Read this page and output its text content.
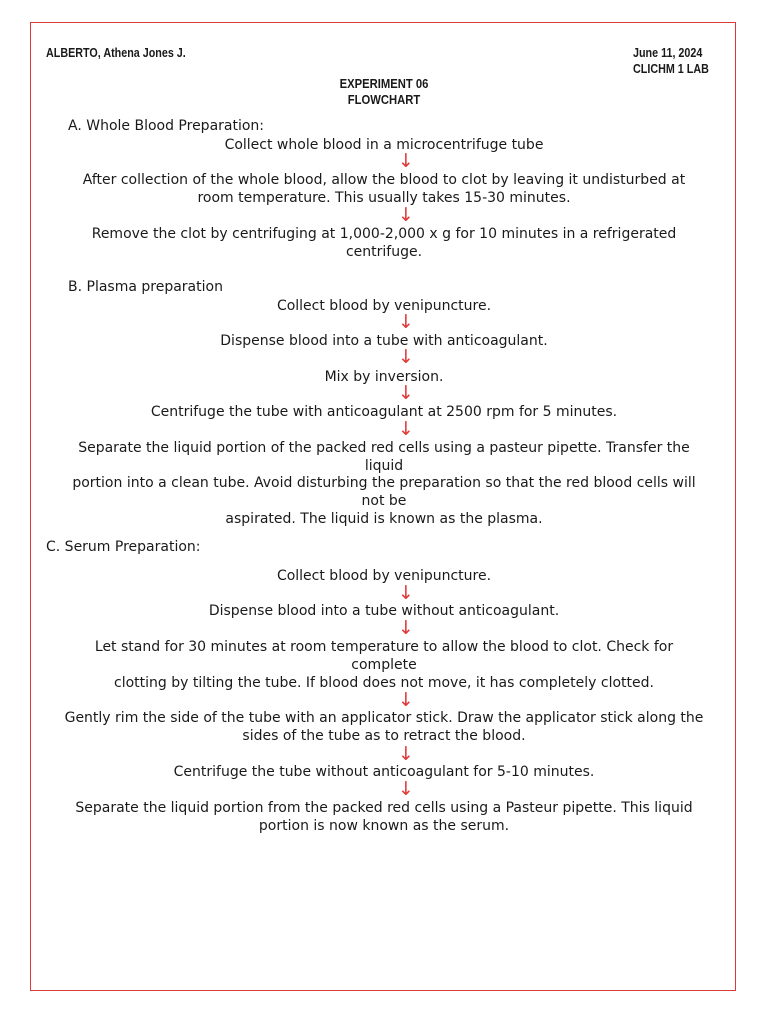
ALBERTO, Athena Jones J.	June 11, 2024
CLICHM 1 LAB
EXPERIMENT 06
FLOWCHART
A. Whole Blood Preparation:
Collect whole blood in a microcentrifuge tube
↓
After collection of the whole blood, allow the blood to clot by leaving it undisturbed at
room temperature. This usually takes 15-30 minutes.
↓
Remove the clot by centrifuging at 1,000-2,000 x g for 10 minutes in a refrigerated
centrifuge.
B. Plasma preparation
Collect blood by venipuncture.
↓
Dispense blood into a tube with anticoagulant.
↓
Mix by inversion.
↓
Centrifuge the tube with anticoagulant at 2500 rpm for 5 minutes.
↓
Separate the liquid portion of the packed red cells using a pasteur pipette. Transfer the
liquid
portion into a clean tube. Avoid disturbing the preparation so that the red blood cells will
not be
aspirated. The liquid is known as the plasma.
C. Serum Preparation:
Collect blood by venipuncture.
↓
Dispense blood into a tube without anticoagulant.
↓
Let stand for 30 minutes at room temperature to allow the blood to clot. Check for
complete
clotting by tilting the tube. If blood does not move, it has completely clotted.
↓
Gently rim the side of the tube with an applicator stick. Draw the applicator stick along the
sides of the tube as to retract the blood.
↓
Centrifuge the tube without anticoagulant for 5-10 minutes.
↓
Separate the liquid portion from the packed red cells using a Pasteur pipette. This liquid
portion is now known as the serum.
